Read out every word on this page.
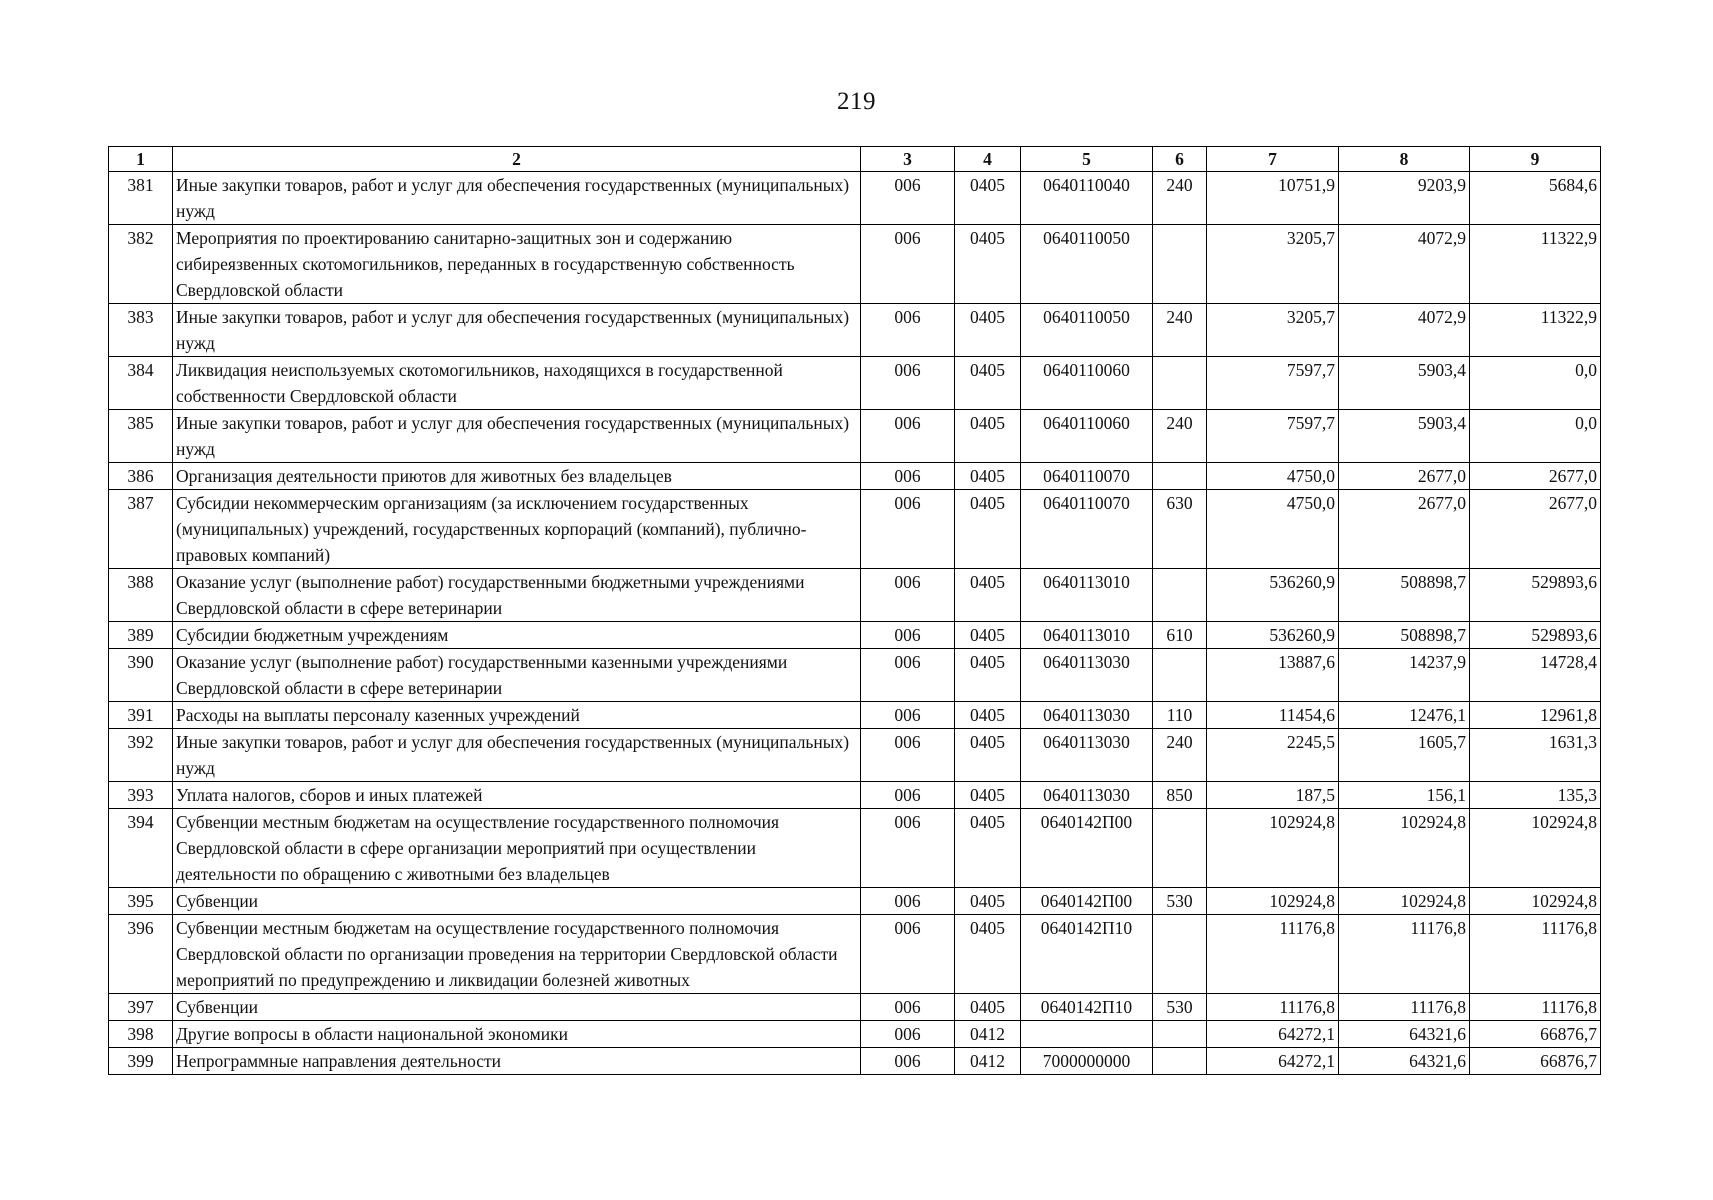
219
1	2	3	4	5	6	7	8	9
381	Иные закупки товаров, работ и услуг для обеспечения государственных (муниципальных) нужд	006	0405	0640110040	240	10751,9	9203,9	5684,6
382	Мероприятия по проектированию санитарно-защитных зон и содержанию сибиреязвенных скотомогильников, переданных в государственную собственность Свердловской области	006	0405	0640110050		3205,7	4072,9	11322,9
383	Иные закупки товаров, работ и услуг для обеспечения государственных (муниципальных) нужд	006	0405	0640110050	240	3205,7	4072,9	11322,9
384	Ликвидация неиспользуемых скотомогильников, находящихся в государственной собственности Свердловской области	006	0405	0640110060		7597,7	5903,4	0,0
385	Иные закупки товаров, работ и услуг для обеспечения государственных (муниципальных) нужд	006	0405	0640110060	240	7597,7	5903,4	0,0
386	Организация деятельности приютов для животных без владельцев	006	0405	0640110070		4750,0	2677,0	2677,0
387	Субсидии некоммерческим организациям (за исключением государственных (муниципальных) учреждений, государственных корпораций (компаний), публично-правовых компаний)	006	0405	0640110070	630	4750,0	2677,0	2677,0
388	Оказание услуг (выполнение работ) государственными бюджетными учреждениями Свердловской области в сфере ветеринарии	006	0405	0640113010		536260,9	508898,7	529893,6
389	Субсидии бюджетным учреждениям	006	0405	0640113010	610	536260,9	508898,7	529893,6
390	Оказание услуг (выполнение работ) государственными казенными учреждениями Свердловской области в сфере ветеринарии	006	0405	0640113030		13887,6	14237,9	14728,4
391	Расходы на выплаты персоналу казенных учреждений	006	0405	0640113030	110	11454,6	12476,1	12961,8
392	Иные закупки товаров, работ и услуг для обеспечения государственных (муниципальных) нужд	006	0405	0640113030	240	2245,5	1605,7	1631,3
393	Уплата налогов, сборов и иных платежей	006	0405	0640113030	850	187,5	156,1	135,3
394	Субвенции местным бюджетам на осуществление государственного полномочия Свердловской области в сфере организации мероприятий при осуществлении деятельности по обращению с животными без владельцев	006	0405	0640142П00		102924,8	102924,8	102924,8
395	Субвенции	006	0405	0640142П00	530	102924,8	102924,8	102924,8
396	Субвенции местным бюджетам на осуществление государственного полномочия Свердловской области по организации проведения на территории Свердловской области мероприятий по предупреждению и ликвидации болезней животных	006	0405	0640142П10		11176,8	11176,8	11176,8
397	Субвенции	006	0405	0640142П10	530	11176,8	11176,8	11176,8
398	Другие вопросы в области национальной экономики	006	0412			64272,1	64321,6	66876,7
399	Непрограммные направления деятельности	006	0412	7000000000		64272,1	64321,6	66876,7
